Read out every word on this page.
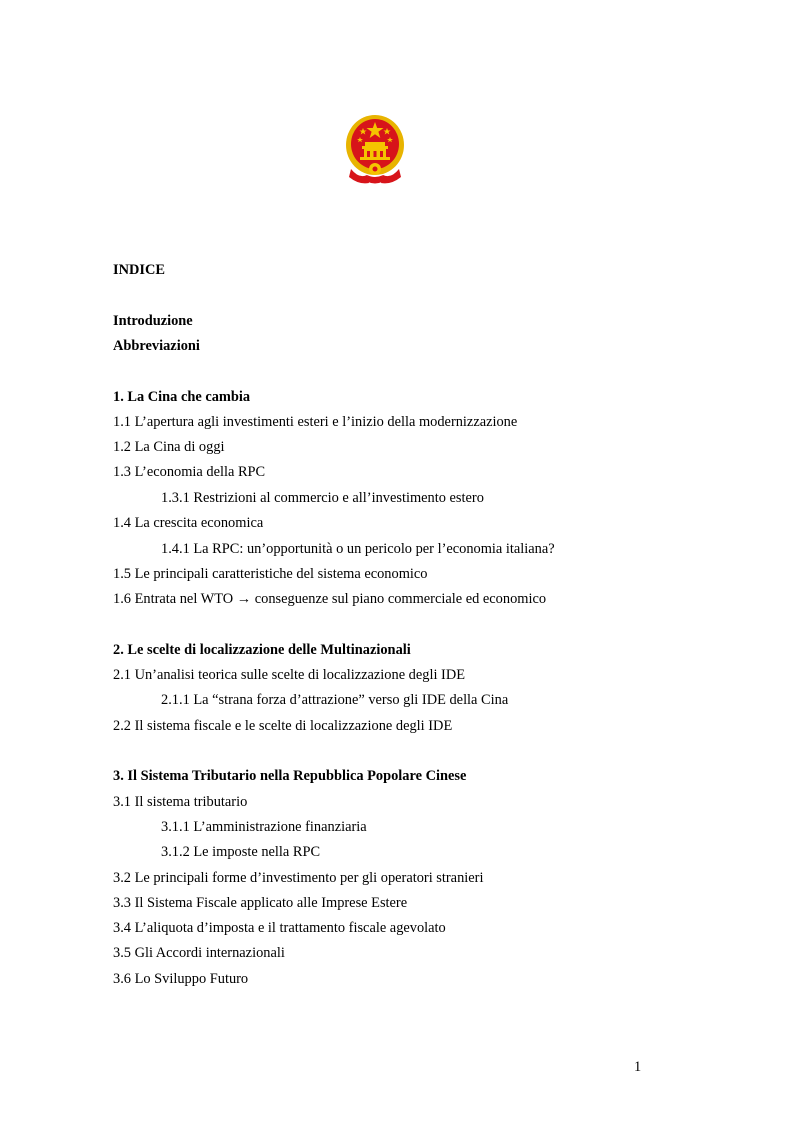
INDICE

Introduzione

Abbreviazioni

1. La Cina che cambia

1.1 L’apertura agli investimenti esteri e l’inizio della modernizzazione

1.2 La Cina di oggi

1.3 L’economia della RPC

1.3.1 Restrizioni al commercio e all’investimento estero

1.4 La crescita economica

1.4.1 La RPC: un’opportunità o un pericolo per l’economia italiana?

1.5 Le principali caratteristiche del sistema economico

1.6 Entrata nel WTO → conseguenze sul piano commerciale ed economico

2. Le scelte di localizzazione delle Multinazionali

2.1 Un’analisi teorica sulle scelte di localizzazione degli IDE

2.1.1 La “strana forza d’attrazione” verso gli IDE della Cina

2.2 Il sistema fiscale e le scelte di localizzazione degli IDE

3. Il Sistema Tributario nella Repubblica Popolare Cinese

3.1 Il sistema tributario

3.1.1 L’amministrazione finanziaria

3.1.2 Le imposte nella RPC

3.2 Le principali forme d’investimento per gli operatori stranieri

3.3 Il Sistema Fiscale applicato alle Imprese Estere

3.4 L’aliquota d’imposta e il trattamento fiscale agevolato

3.5 Gli Accordi internazionali

3.6 Lo Sviluppo Futuro

1
